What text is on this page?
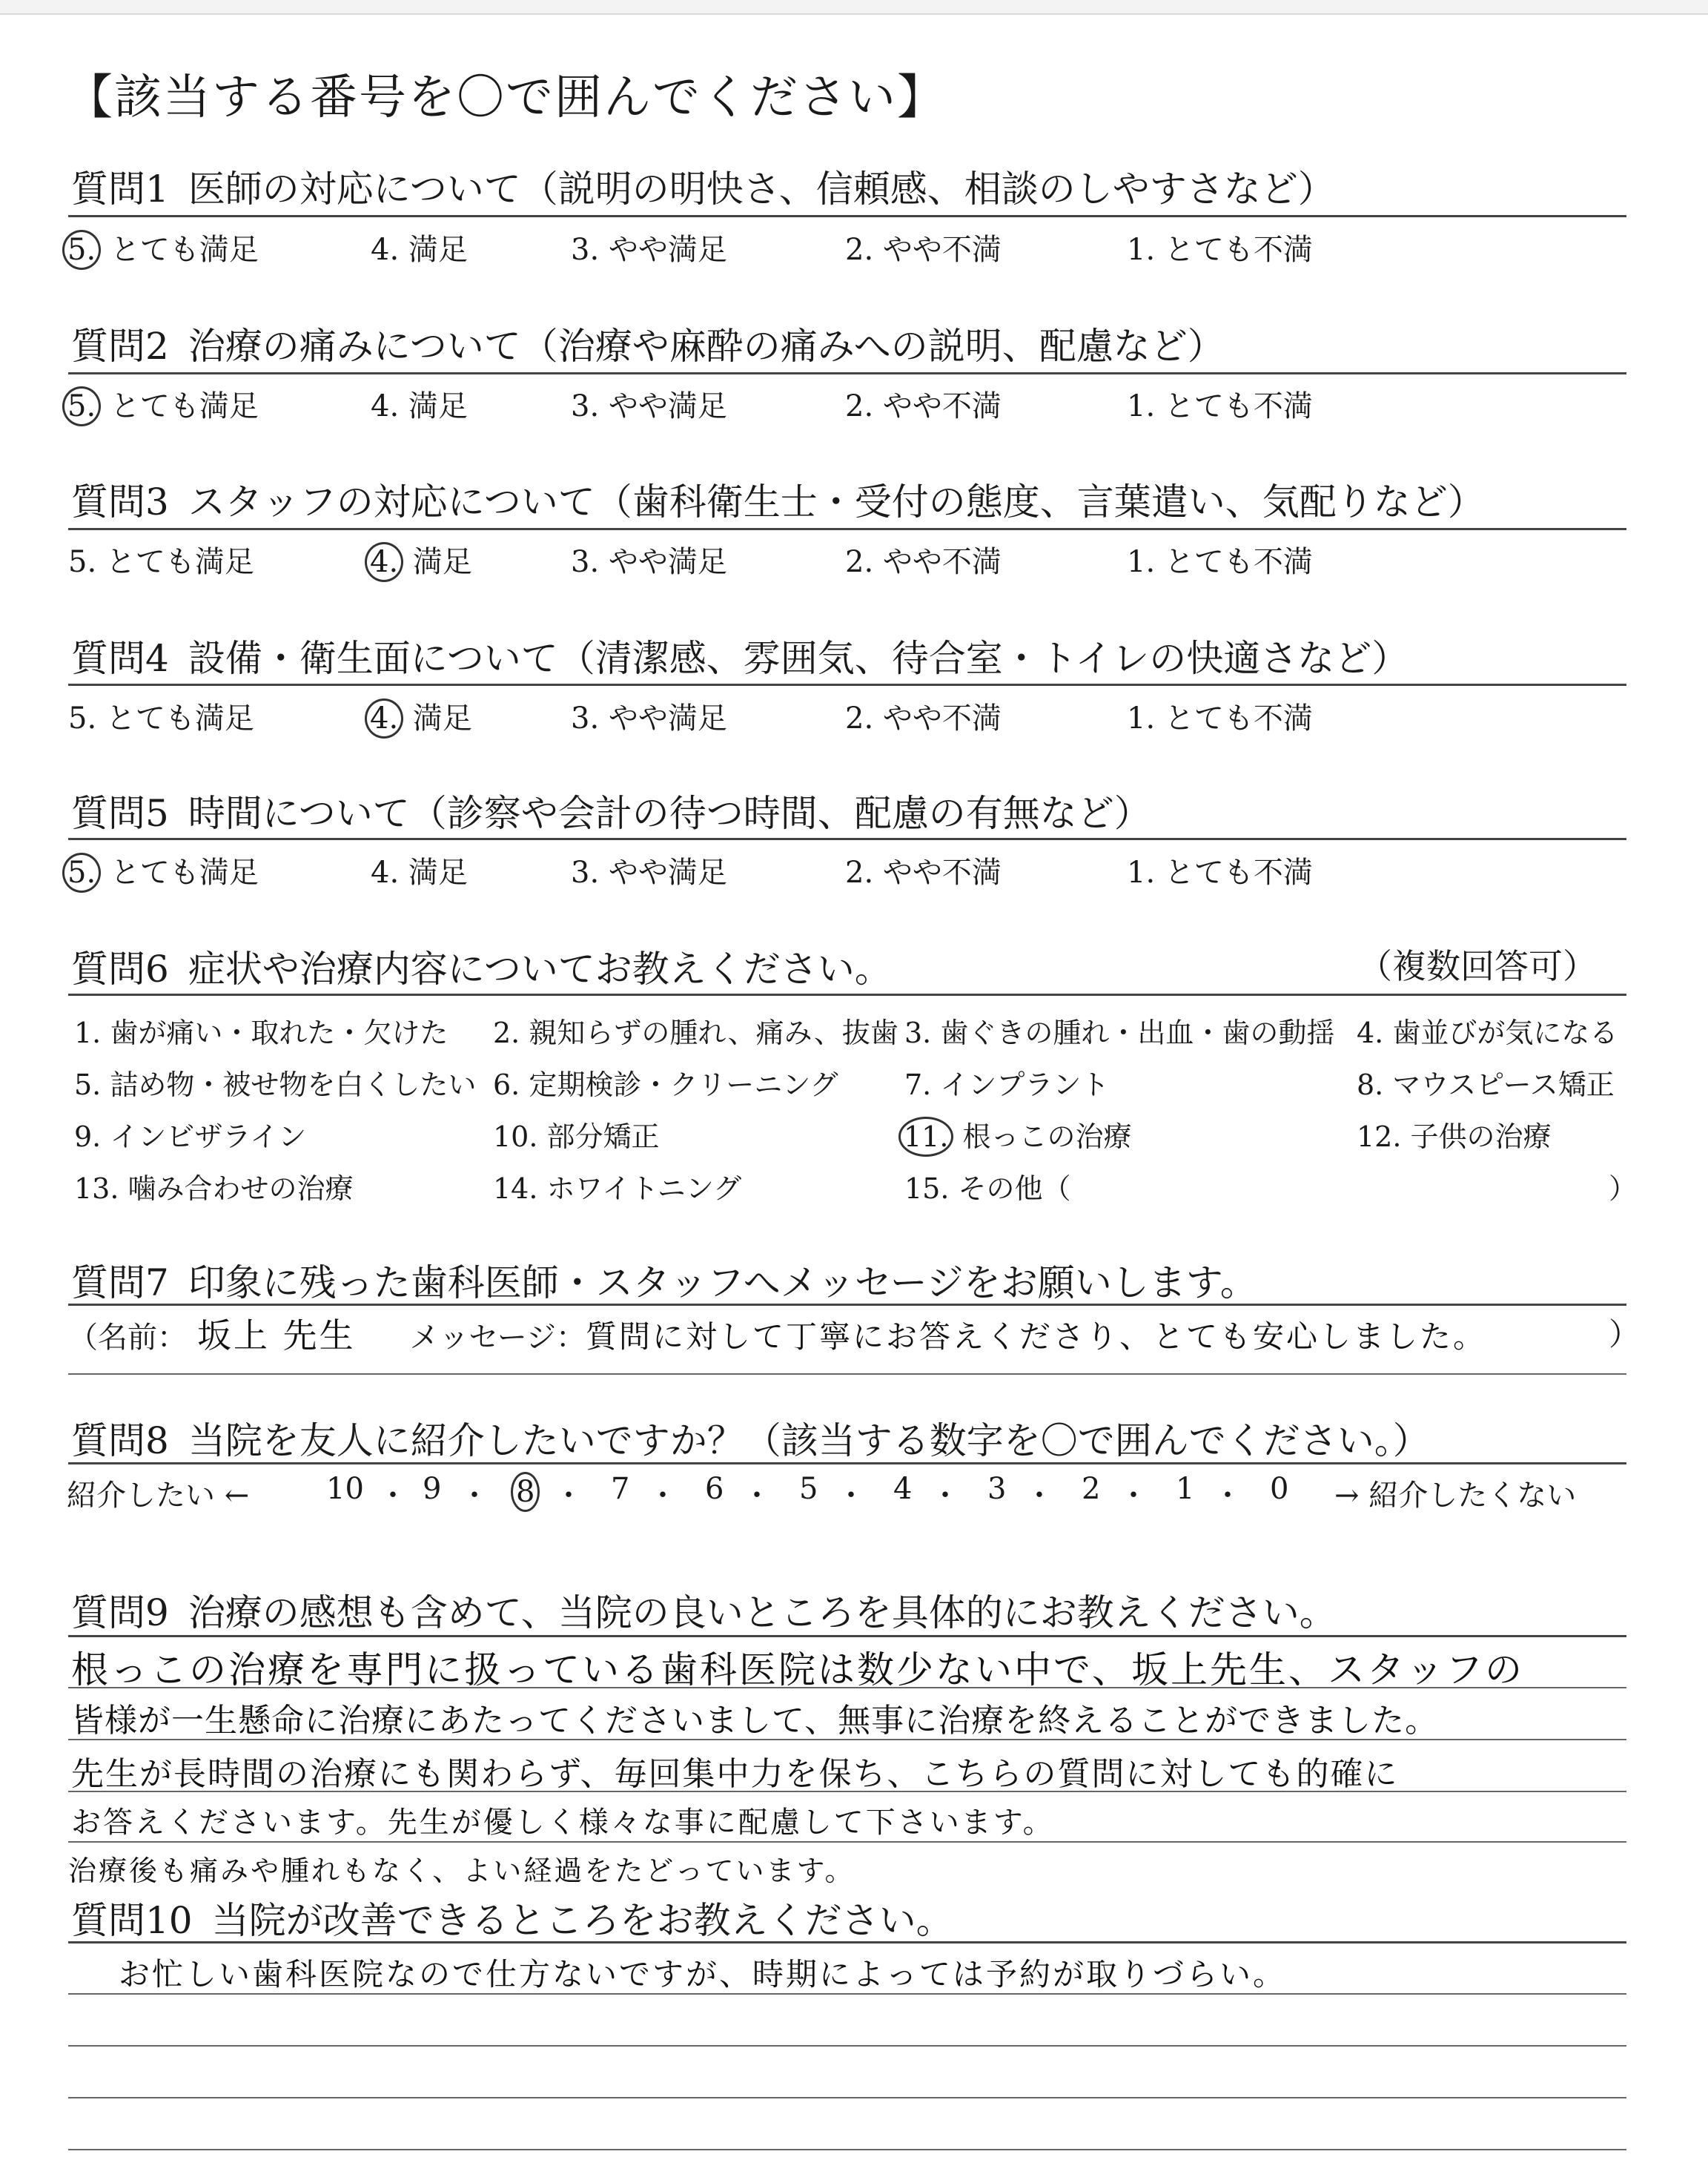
【該当する番号を〇で囲んでください】
質問1 医師の対応について（説明の明快さ、信頼感、相談のしやすさなど）
5. とても満足	4. 満足	3. やや満足	2. やや不満	1. とても不満
質問2 治療の痛みについて（治療や麻酔の痛みへの説明、配慮など）
5. とても満足	4. 満足	3. やや満足	2. やや不満	1. とても不満
質問3 スタッフの対応について（歯科衛生士・受付の態度、言葉遣い、気配りなど）
5. とても満足	4. 満足	3. やや満足	2. やや不満	1. とても不満
質問4 設備・衛生面について（清潔感、雰囲気、待合室・トイレの快適さなど）
5. とても満足	4. 満足	3. やや満足	2. やや不満	1. とても不満
質問5 時間について（診察や会計の待つ時間、配慮の有無など）
5. とても満足	4. 満足	3. やや満足	2. やや不満	1. とても不満
質問6 症状や治療内容についてお教えください。	（複数回答可）
1. 歯が痛い・取れた・欠けた 2. 親知らずの腫れ、痛み、抜歯 3. 歯ぐきの腫れ・出血・歯の動揺 4. 歯並びが気になる
5. 詰め物・被せ物を白くしたい 6. 定期検診・クリーニング 7. インプラント	8. マウスピース矯正
9. インビザライン	10. 部分矯正	11. 根っこの治療	12. 子供の治療
13. 噛み合わせの治療	14. ホワイトニング	15. その他（	）
質問7 印象に残った歯科医師・スタッフへメッセージをお願いします。
（名前： 坂上 先生 メッセージ：質問に対して丁寧にお答えくださり、とても安心しました。	）
質問8 当院を友人に紹介したいですか？（該当する数字を〇で囲んでください。）
紹介したい ←	10 ・ 9 ・ 8 ・ 7 ・ 6 ・ 5 ・ 4 ・ 3 ・ 2 ・ 1 ・ 0 → 紹介したくない
質問9 治療の感想も含めて、当院の良いところを具体的にお教えください。
根っこの治療を専門に扱っている歯科医院は数少ない中で、坂上先生、スタッフの
皆様が一生懸命に治療にあたってくださいまして、無事に治療を終えることができました。
先生が長時間の治療にも関わらず、毎回集中力を保ち、こちらの質問に対しても的確に
お答えくださいます。先生が優しく様々な事に配慮して下さいます。
治療後も痛みや腫れもなく、よい経過をたどっています。
質問10 当院が改善できるところをお教えください。
お忙しい歯科医院なので仕方ないですが、時期によっては予約が取りづらい。
